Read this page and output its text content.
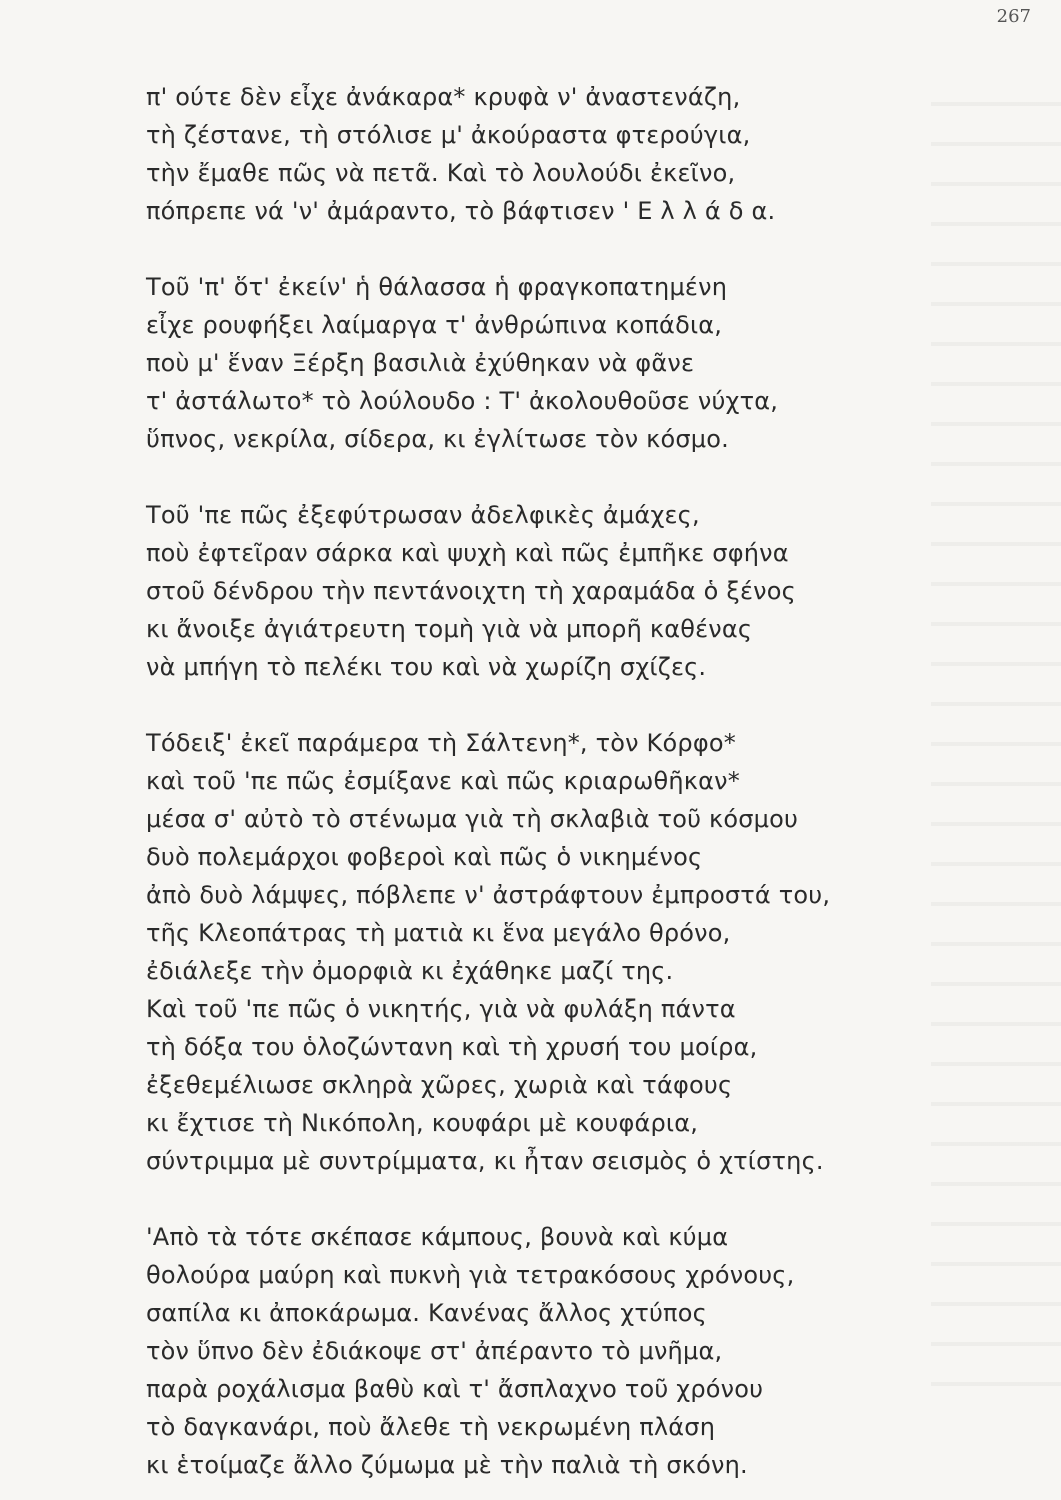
267
π' ούτε δὲν εἶχε ἀνάκαρα* κρυφὰ ν' ἀναστενάζη,
τὴ ζέστανε, τὴ στόλισε μ' ἀκούραστα φτερούγια,
τὴν ἔμαθε πῶς νὰ πετᾶ. Καὶ τὸ λουλούδι ἐκεῖνο,
πόπρεπε νά 'ν' ἀμάραντο, τὸ βάφτισεν ' Ε λ λ ά δ α.
Τοῦ 'π' ὅτ' ἐκείν' ἡ θάλασσα ἡ φραγκοπατημένη
εἶχε ρουφήξει λαίμαργα τ' ἀνθρώπινα κοπάδια,
ποὺ μ' ἕναν Ξέρξη βασιλιὰ ἐχύθηκαν νὰ φᾶνε
τ' ἀστάλωτο* τὸ λούλουδο : Τ' ἀκολουθοῦσε νύχτα,
ὕπνος, νεκρίλα, σίδερα, κι ἐγλίτωσε τὸν κόσμο.
Τοῦ 'πε πῶς ἐξεφύτρωσαν ἀδελφικὲς ἀμάχες,
ποὺ ἐφτεῖραν σάρκα καὶ ψυχὴ καὶ πῶς ἐμπῆκε σφήνα
στοῦ δένδρου τὴν πεντάνοιχτη τὴ χαραμάδα ὁ ξένος
κι ἄνοιξε ἀγιάτρευτη τομὴ γιὰ νὰ μπορῆ καθένας
νὰ μπήγη τὸ πελέκι του καὶ νὰ χωρίζη σχίζες.
Τόδειξ' ἐκεῖ παράμερα τὴ Σάλτενη*, τὸν Κόρφο*
καὶ τοῦ 'πε πῶς ἐσμίξανε καὶ πῶς κριαρωθῆκαν*
μέσα σ' αὐτὸ τὸ στένωμα γιὰ τὴ σκλαβιὰ τοῦ κόσμου
δυὸ πολεμάρχοι φοβεροὶ καὶ πῶς ὁ νικημένος
ἀπὸ δυὸ λάμψες, πόβλεπε ν' ἀστράφτουν ἐμπροστά του,
τῆς Κλεοπάτρας τὴ ματιὰ κι ἕνα μεγάλο θρόνο,
ἐδιάλεξε τὴν ὀμορφιὰ κι ἐχάθηκε μαζί της.
Καὶ τοῦ 'πε πῶς ὁ νικητής, γιὰ νὰ φυλάξη πάντα
τὴ δόξα του ὁλοζώντανη καὶ τὴ χρυσή του μοίρα,
ἐξεθεμέλιωσε σκληρὰ χῶρες, χωριὰ καὶ τάφους
κι ἔχτισε τὴ Νικόπολη, κουφάρι μὲ κουφάρια,
σύντριμμα μὲ συντρίμματα, κι ἦταν σεισμὸς ὁ χτίστης.
'Απὸ τὰ τότε σκέπασε κάμπους, βουνὰ καὶ κύμα
θολούρα μαύρη καὶ πυκνὴ γιὰ τετρακόσους χρόνους,
σαπίλα κι ἀποκάρωμα. Κανένας ἄλλος χτύπος
τὸν ὕπνο δὲν ἐδιάκοψε στ' ἀπέραντο τὸ μνῆμα,
παρὰ ροχάλισμα βαθὺ καὶ τ' ἄσπλαχνο τοῦ χρόνου
τὸ δαγκανάρι, ποὺ ἄλεθε τὴ νεκρωμένη πλάση
κι ἑτοίμαζε ἄλλο ζύμωμα μὲ τὴν παλιὰ τὴ σκόνη.
